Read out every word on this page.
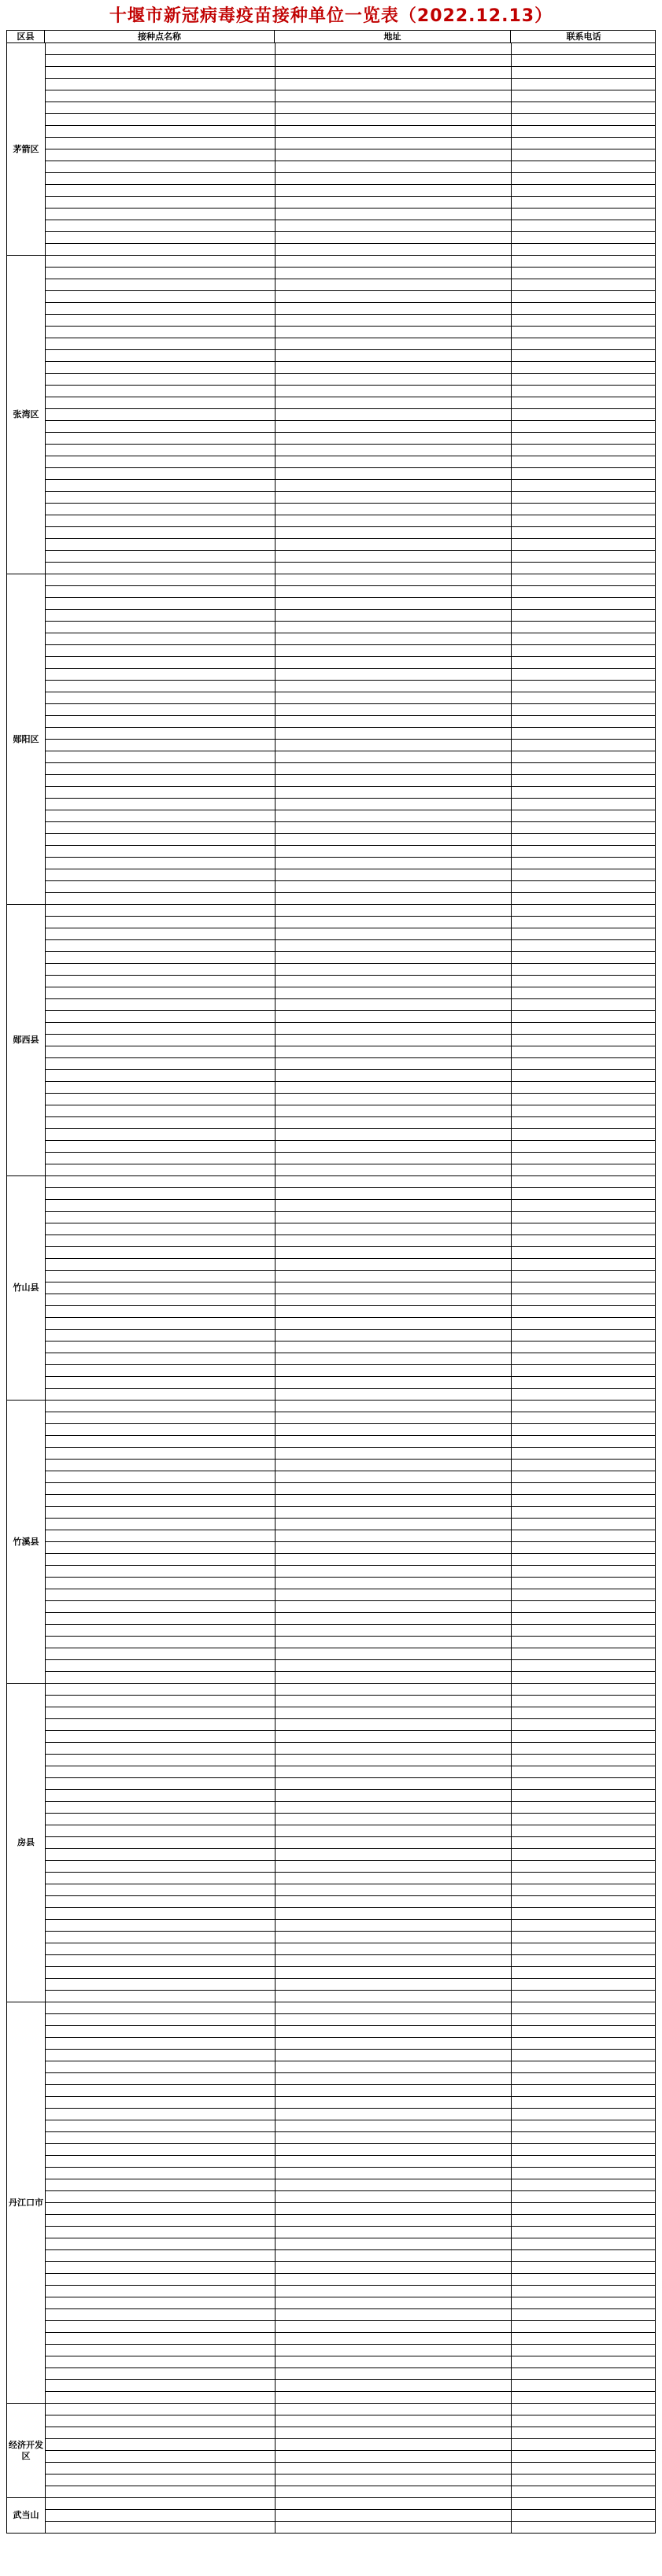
十堰市新冠病毒疫苗接种单位一览表（2022.12.13）
区县	接种点名称	地址	联系电话
茅箭区
张湾区
郧阳区
郧西县
竹山县
竹溪县
房县
丹江口市
经济开发区
武当山
